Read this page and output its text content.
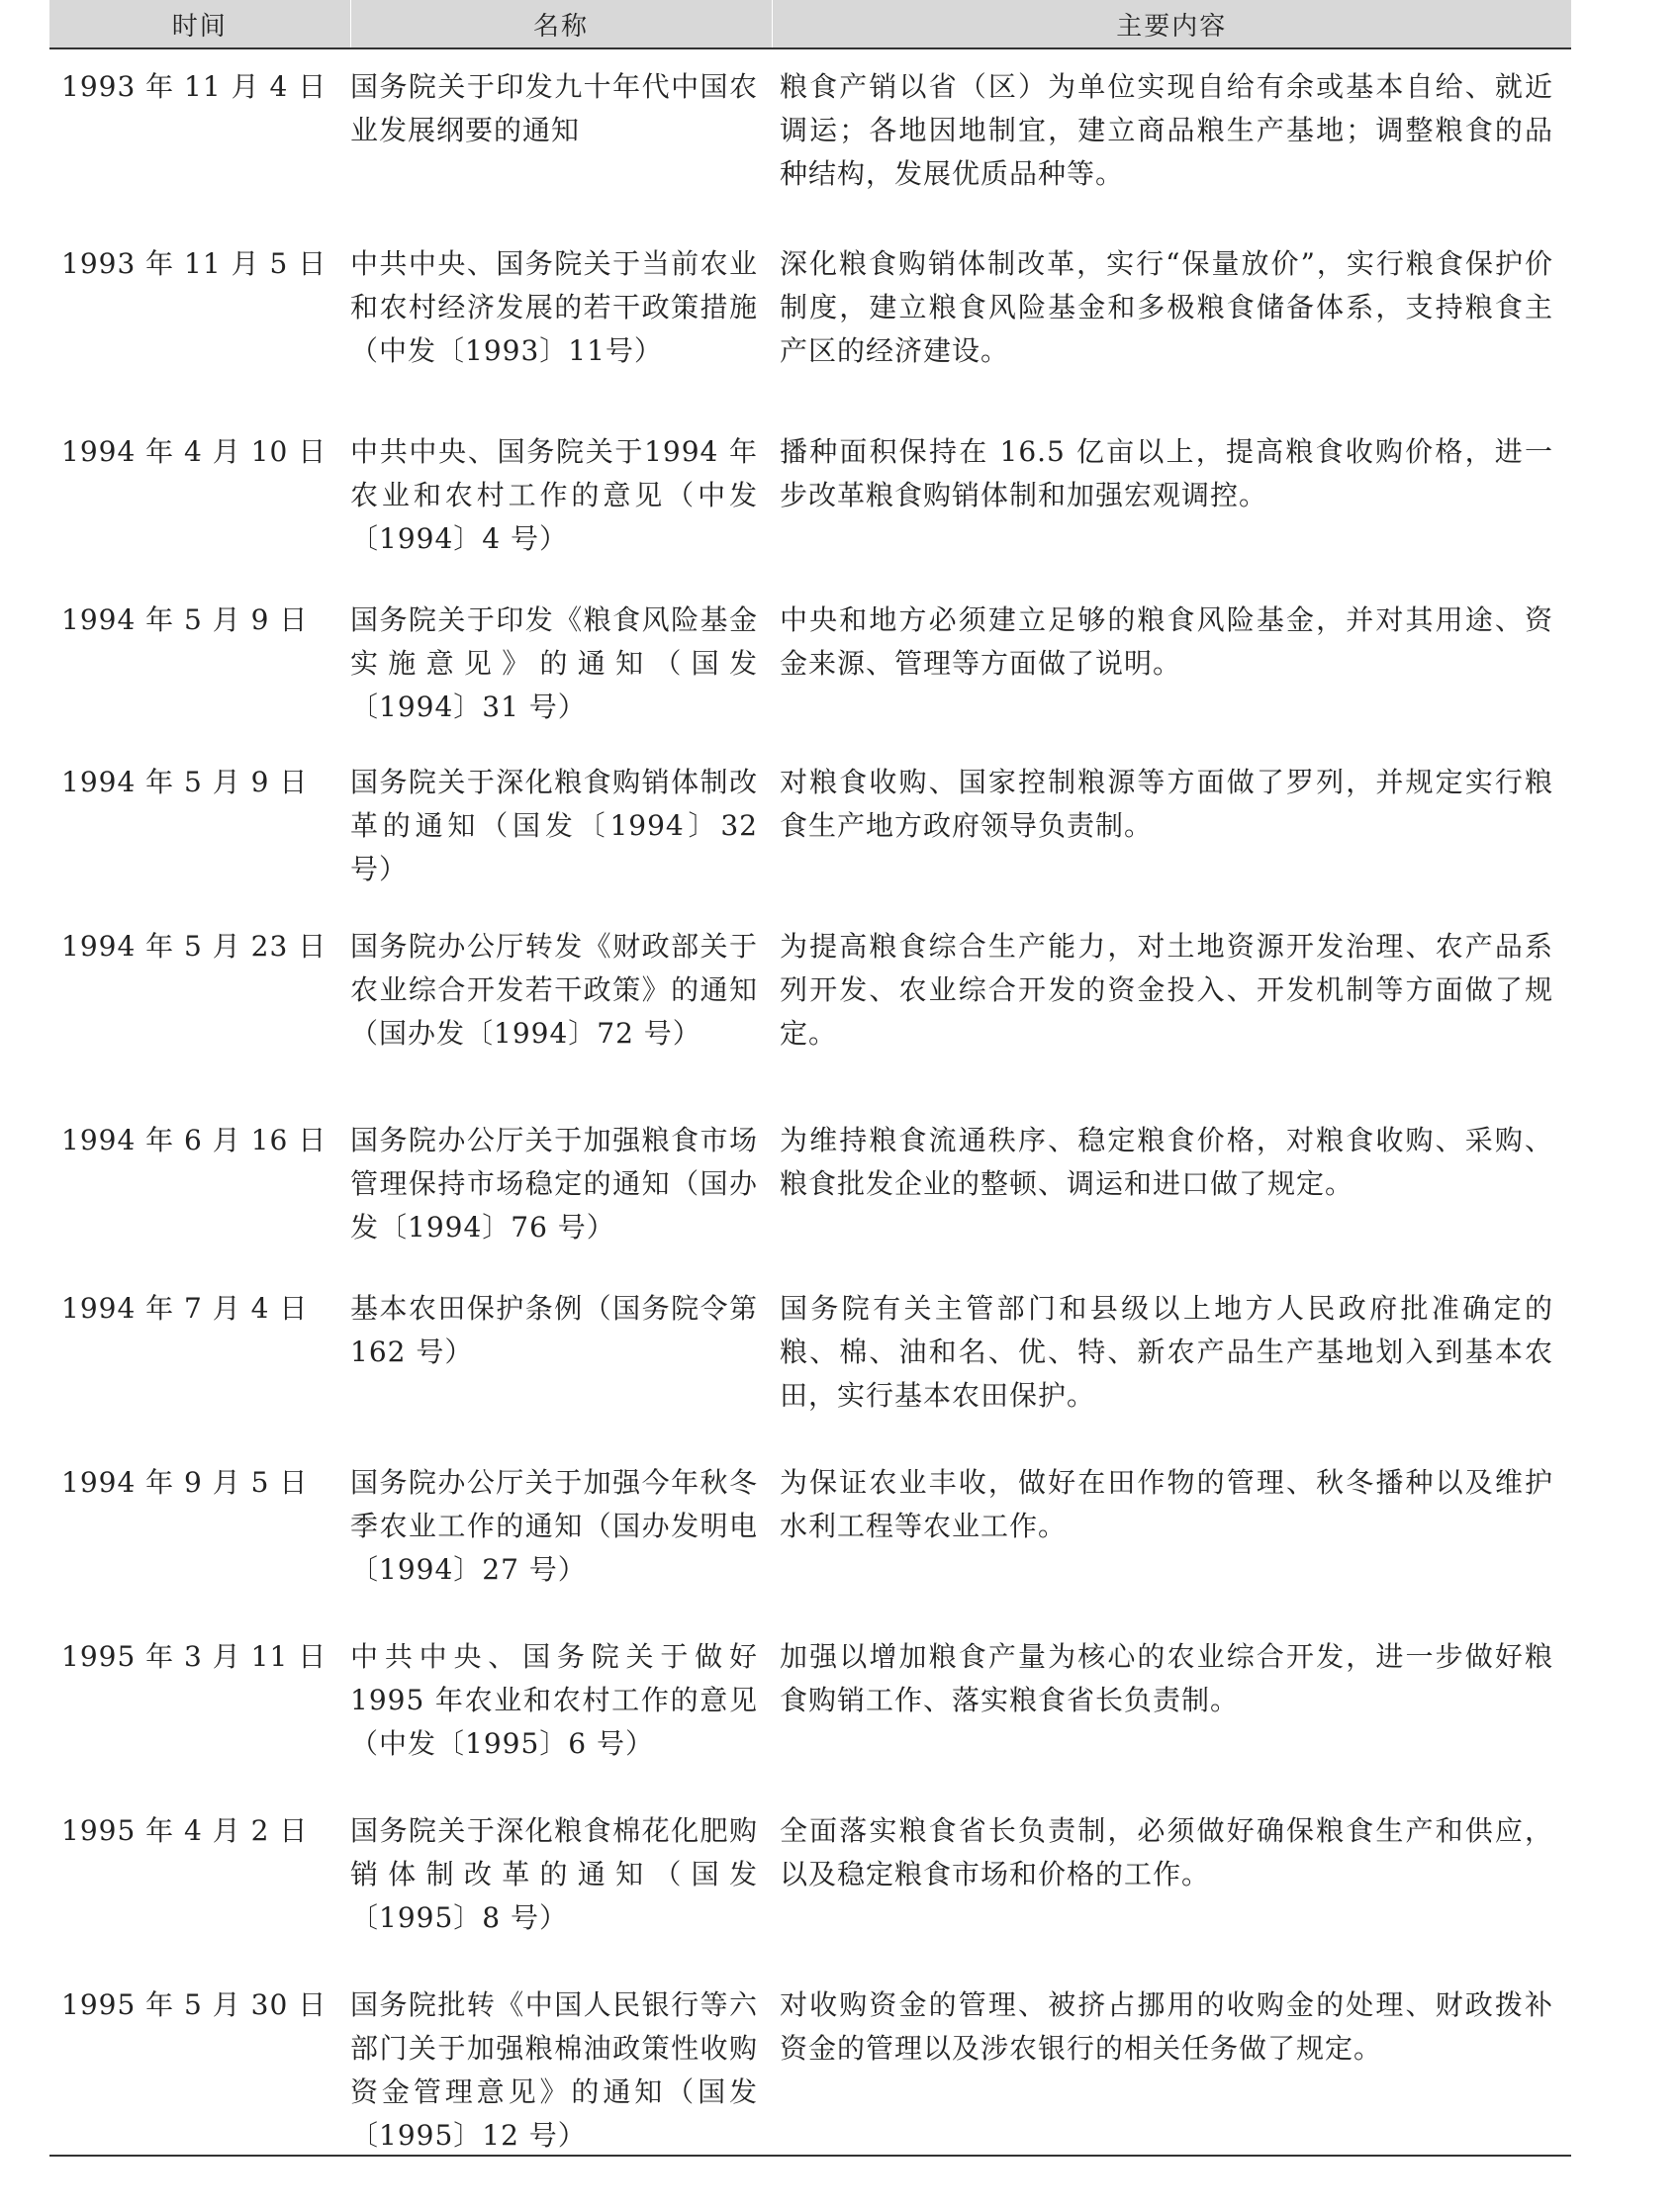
时间	名称	主要内容
1993 年 11 月 4 日	国务院关于印发九十年代中国农业发展纲要的通知	粮食产销以省（区）为单位实现自给有余或基本自给、就近调运；各地因地制宜，建立商品粮生产基地；调整粮食的品种结构，发展优质品种等。
1993 年 11 月 5 日	中共中央、国务院关于当前农业和农村经济发展的若干政策措施（中发〔1993〕11号）	深化粮食购销体制改革，实行“保量放价”，实行粮食保护价制度，建立粮食风险基金和多极粮食储备体系，支持粮食主产区的经济建设。
1994 年 4 月 10 日	中共中央、国务院关于1994 年农业和农村工作的意见（中发〔1994〕4 号）	播种面积保持在 16.5 亿亩以上，提高粮食收购价格，进一步改革粮食购销体制和加强宏观调控。
1994 年 5 月 9 日	国务院关于印发《粮食风险基金实施意见》的通知（国发〔1994〕31 号）	中央和地方必须建立足够的粮食风险基金，并对其用途、资金来源、管理等方面做了说明。
1994 年 5 月 9 日	国务院关于深化粮食购销体制改革的通知（国发〔1994〕32 号）	对粮食收购、国家控制粮源等方面做了罗列，并规定实行粮食生产地方政府领导负责制。
1994 年 5 月 23 日	国务院办公厅转发《财政部关于农业综合开发若干政策》的通知（国办发〔1994〕72 号）	为提高粮食综合生产能力，对土地资源开发治理、农产品系列开发、农业综合开发的资金投入、开发机制等方面做了规定。
1994 年 6 月 16 日	国务院办公厅关于加强粮食市场管理保持市场稳定的通知（国办发〔1994〕76 号）	为维持粮食流通秩序、稳定粮食价格，对粮食收购、采购、粮食批发企业的整顿、调运和进口做了规定。
1994 年 7 月 4 日	基本农田保护条例（国务院令第 162 号）	国务院有关主管部门和县级以上地方人民政府批准确定的粮、棉、油和名、优、特、新农产品生产基地划入到基本农田，实行基本农田保护。
1994 年 9 月 5 日	国务院办公厅关于加强今年秋冬季农业工作的通知（国办发明电〔1994〕27 号）	为保证农业丰收，做好在田作物的管理、秋冬播种以及维护水利工程等农业工作。
1995 年 3 月 11 日	中共中央、国务院关于做好1995 年农业和农村工作的意见（中发〔1995〕6 号）	加强以增加粮食产量为核心的农业综合开发，进一步做好粮食购销工作、落实粮食省长负责制。
1995 年 4 月 2 日	国务院关于深化粮食棉花化肥购销体制改革的通知（国发〔1995〕8 号）	全面落实粮食省长负责制，必须做好确保粮食生产和供应，以及稳定粮食市场和价格的工作。
1995 年 5 月 30 日	国务院批转《中国人民银行等六部门关于加强粮棉油政策性收购资金管理意见》的通知（国发〔1995〕12 号）	对收购资金的管理、被挤占挪用的收购金的处理、财政拨补资金的管理以及涉农银行的相关任务做了规定。
